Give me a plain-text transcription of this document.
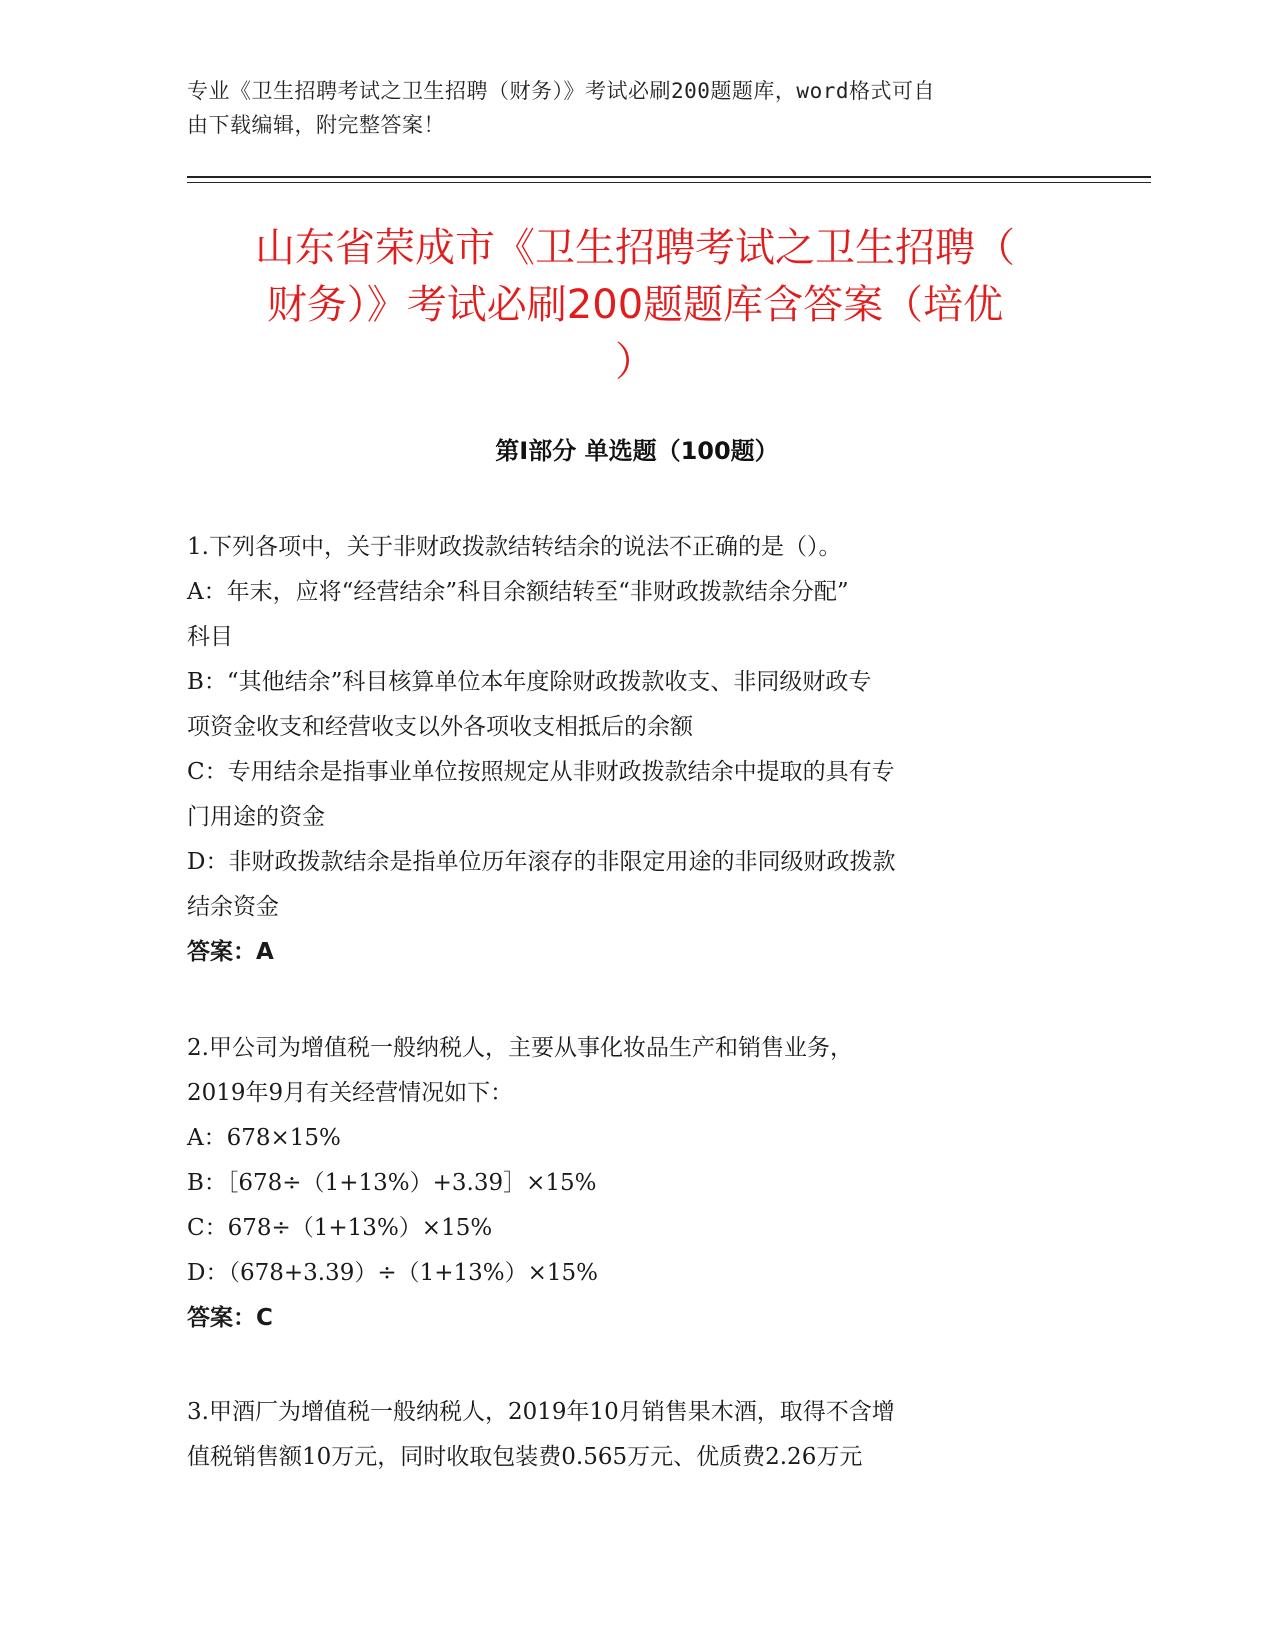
专业《卫生招聘考试之卫生招聘（财务）》考试必刷200题题库，word格式可自
由下载编辑，附完整答案！
山东省荣成市《卫生招聘考试之卫生招聘（
财务）》考试必刷200题题库含答案（培优
）
第I部分 单选题（100题）
1.下列各项中，关于非财政拨款结转结余的说法不正确的是（）。
A：年末，应将“经营结余”科目余额结转至“非财政拨款结余分配”
科目
B：“其他结余”科目核算单位本年度除财政拨款收支、非同级财政专
项资金收支和经营收支以外各项收支相抵后的余额
C：专用结余是指事业单位按照规定从非财政拨款结余中提取的具有专
门用途的资金
D：非财政拨款结余是指单位历年滚存的非限定用途的非同级财政拨款
结余资金
答案：A
2.甲公司为增值税一般纳税人，主要从事化妆品生产和销售业务，
2019年9月有关经营情况如下：
A：678×15%
B：［678÷（1+13%）+3.39］×15%
C：678÷（1+13%）×15%
D：（678+3.39）÷（1+13%）×15%
答案：C
3.甲酒厂为增值税一般纳税人，2019年10月销售果木酒，取得不含增
值税销售额10万元，同时收取包装费0.565万元、优质费2.26万元
